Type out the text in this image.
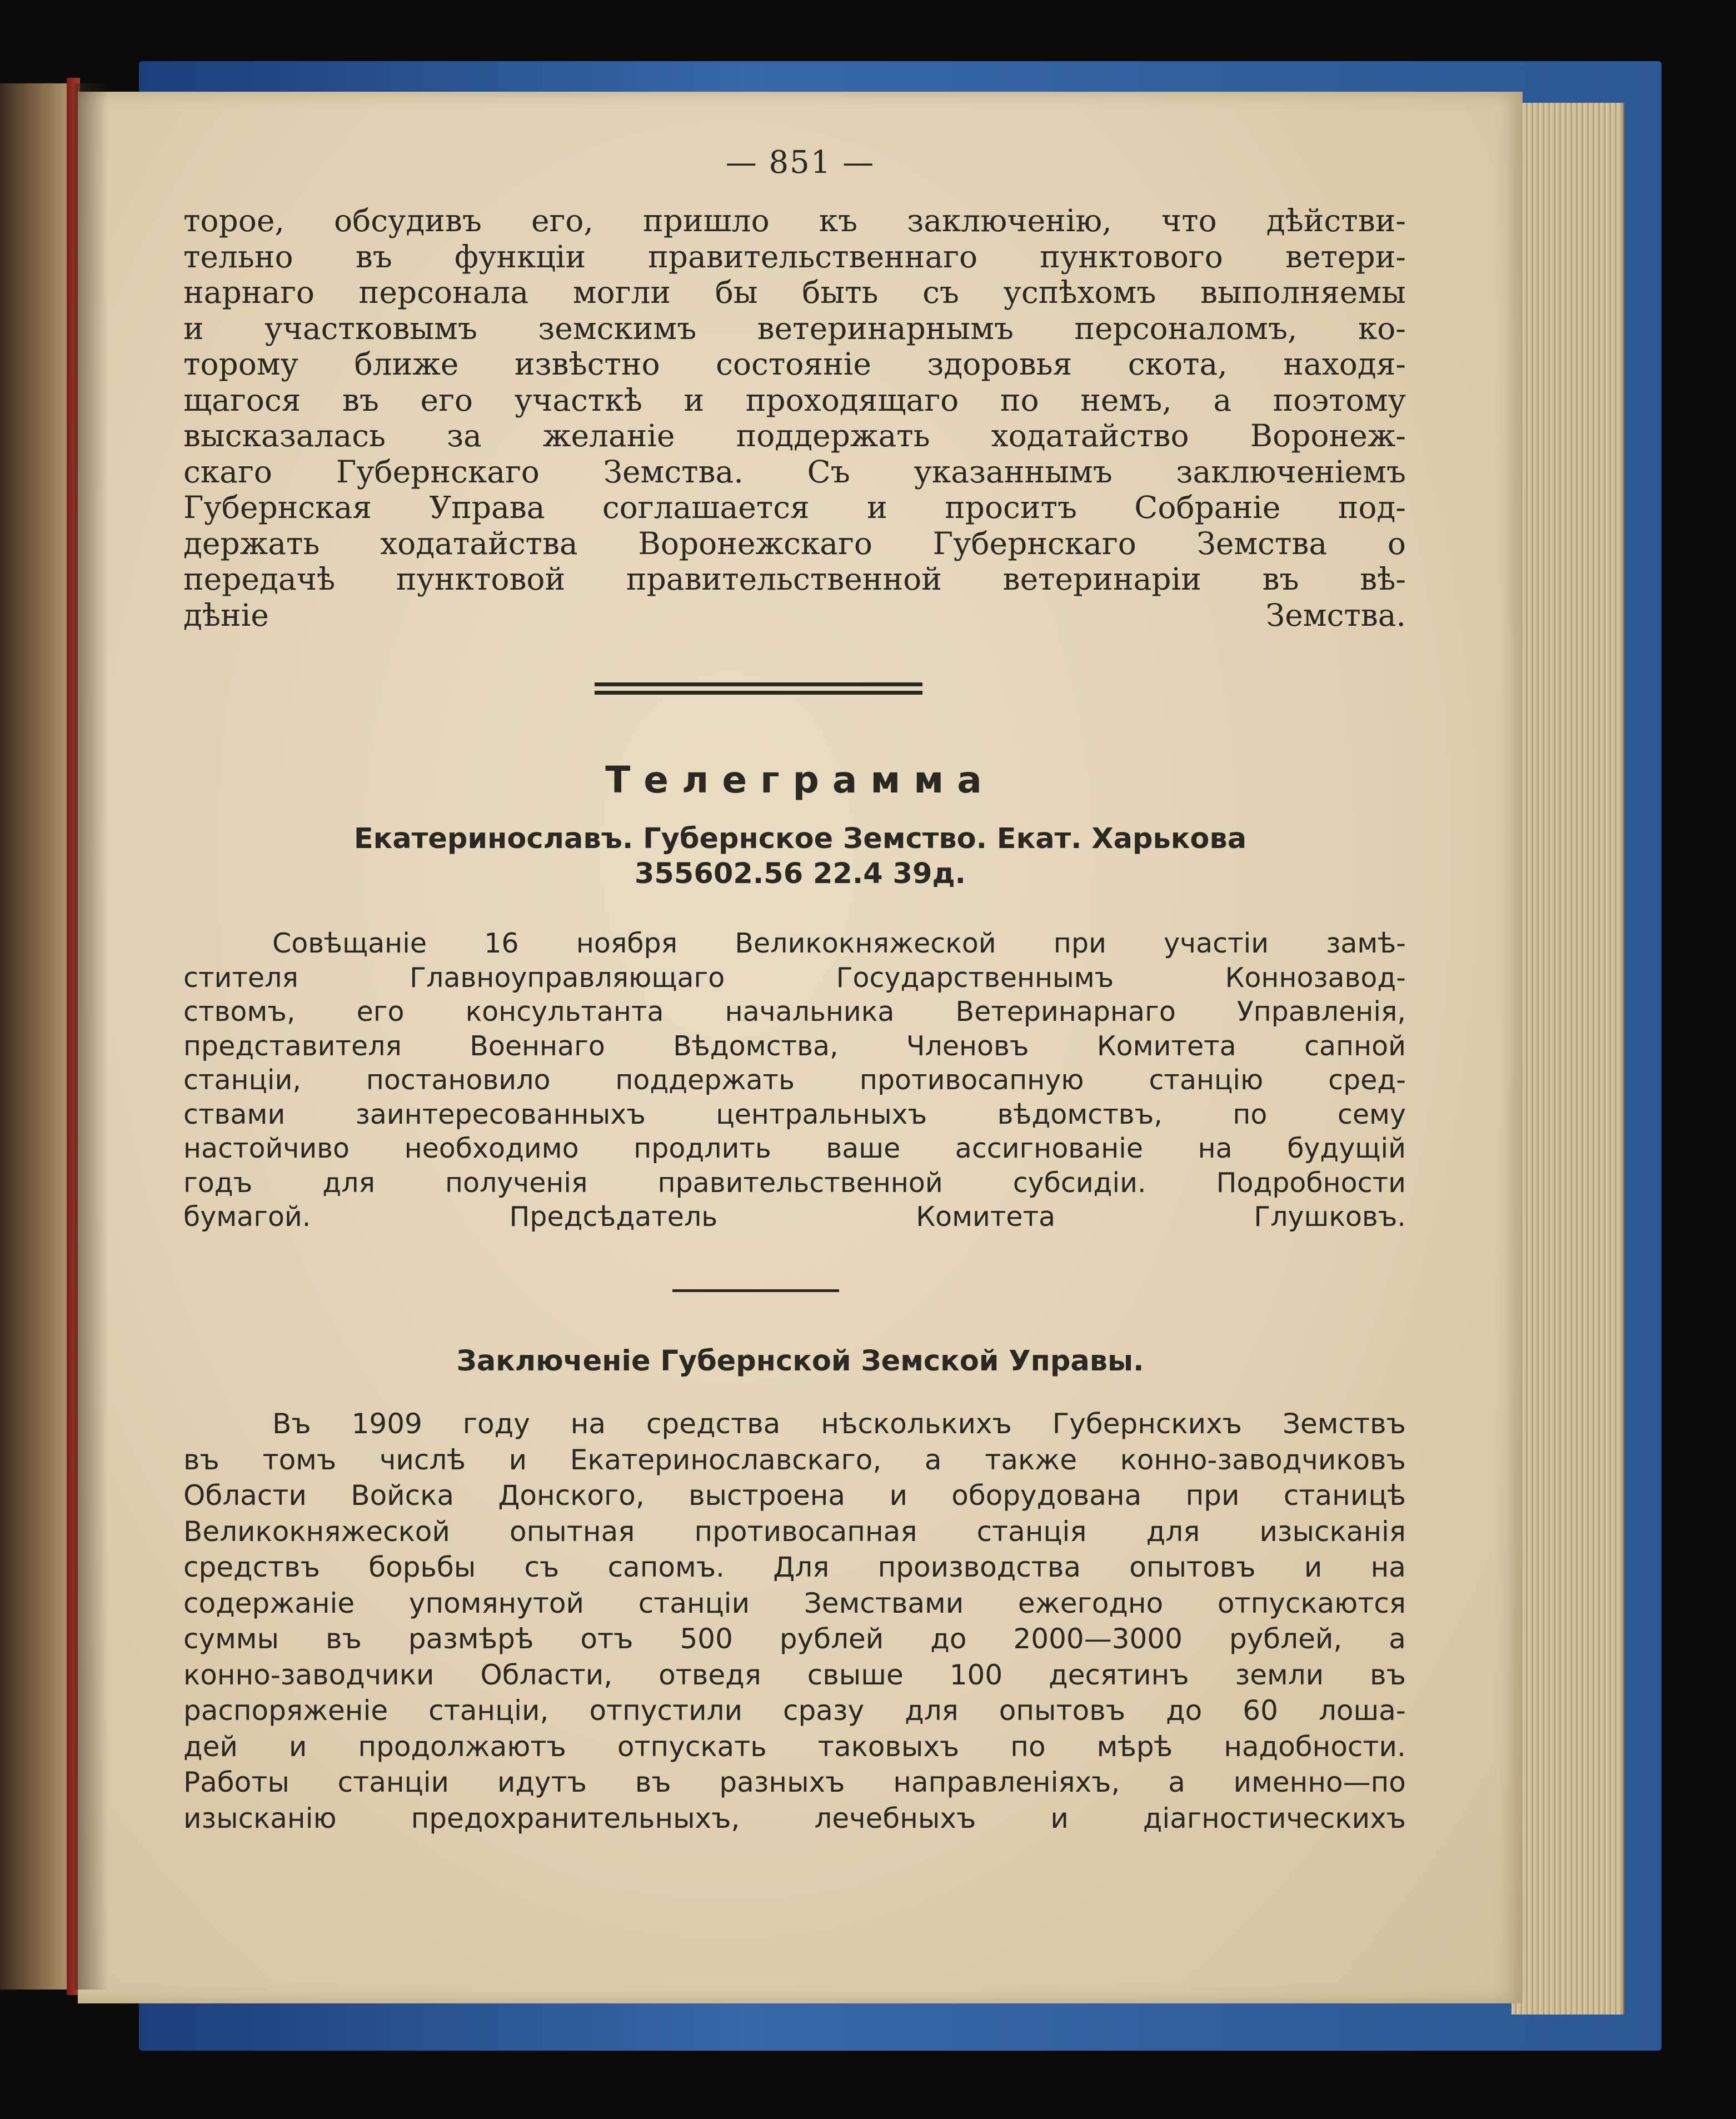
— 851 —
торое, обсудивъ его, пришло къ заключенію, что дѣйстви-
тельно въ функціи правительственнаго пунктового ветери-
нарнаго персонала могли бы быть съ успѣхомъ выполняемы
и участковымъ земскимъ ветеринарнымъ персоналомъ, ко-
торому ближе извѣстно состояніе здоровья скота, находя-
щагося въ его участкѣ и проходящаго по немъ, а поэтому
высказалась за желаніе поддержать ходатайство Воронеж-
скаго Губернскаго Земства. Съ указаннымъ заключеніемъ
Губернская Управа соглашается и проситъ Собраніе под-
держать ходатайства Воронежскаго Губернскаго Земства о
передачѣ пунктовой правительственной ветеринаріи въ вѣ-
дѣніе Земства.
Телеграмма
Екатеринославъ. Губернское Земство. Екат. Харькова
355602.56 22.4 39д.
Совѣщаніе 16 ноября Великокняжеской при участіи замѣ-
стителя	Главноуправляющаго	Государственнымъ	Коннозавод-
ствомъ, его консультанта начальника Ветеринарнаго Управленія,
представителя Военнаго Вѣдомства, Членовъ Комитета сапной
станціи, постановило поддержать противосапную станцію сред-
ствами	заинтересованныхъ	центральныхъ	вѣдомствъ,	по	сему
настойчиво необходимо продлить ваше ассигнованіе на будущій
годъ	для	полученія	правительственной	субсидіи.	Подробности
бумагой. Предсѣдатель Комитета Глушковъ.
Заключеніе Губернской Земской Управы.
Въ 1909 году на средства нѣсколькихъ Губернскихъ Земствъ
въ томъ числѣ и Екатеринославскаго, а также конно-заводчиковъ
Области Войска Донского, выстроена и оборудована при станицѣ
Великокняжеской опытная противосапная станція для изысканія
средствъ борьбы съ сапомъ. Для производства опытовъ и на
содержаніе упомянутой станціи Земствами ежегодно отпускаются
суммы въ размѣрѣ отъ 500 рублей до 2000—3000 рублей, а
конно-заводчики Области, отведя свыше 100 десятинъ земли въ
распоряженіе станціи, отпустили сразу для опытовъ до 60 лоша-
дей и продолжаютъ отпускать таковыхъ по мѣрѣ надобности.
Работы станціи идутъ въ разныхъ направленіяхъ, а именно—по
изысканію	предохранительныхъ,	лечебныхъ	и	діагностическихъ
